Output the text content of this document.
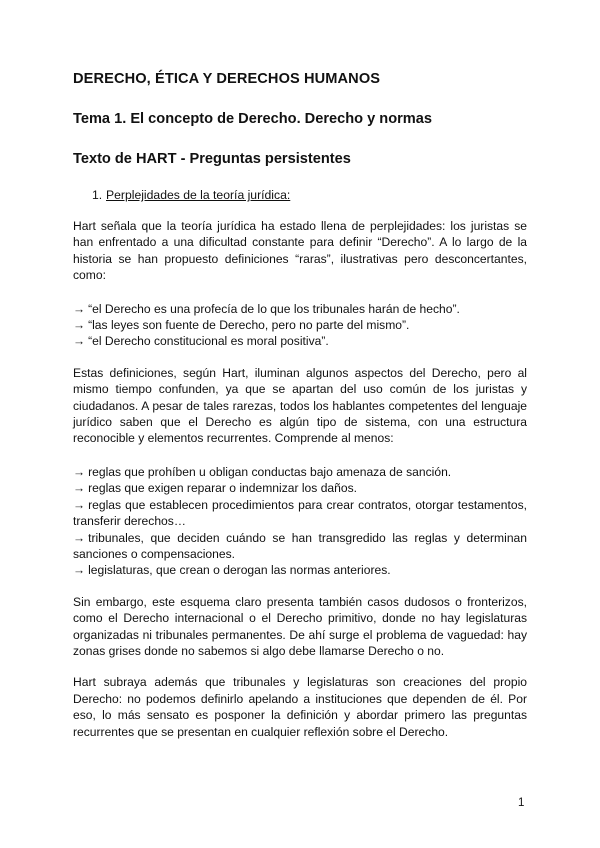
DERECHO, ÉTICA Y DERECHOS HUMANOS
Tema 1. El concepto de Derecho. Derecho y normas
Texto de HART - Preguntas persistentes
1. Perplejidades de la teoría jurídica:

Hart señala que la teoría jurídica ha estado llena de perplejidades: los juristas se han enfrentado a una dificultad constante para definir “Derecho”. A lo largo de la historia se han propuesto definiciones “raras”, ilustrativas pero desconcertantes, como:

→ “el Derecho es una profecía de lo que los tribunales harán de hecho”.
→ “las leyes son fuente de Derecho, pero no parte del mismo”.
→ “el Derecho constitucional es moral positiva”.

Estas definiciones, según Hart, iluminan algunos aspectos del Derecho, pero al mismo tiempo confunden, ya que se apartan del uso común de los juristas y ciudadanos. A pesar de tales rarezas, todos los hablantes competentes del lenguaje jurídico saben que el Derecho es algún tipo de sistema, con una estructura reconocible y elementos recurrentes. Comprende al menos:

→ reglas que prohíben u obligan conductas bajo amenaza de sanción.
→ reglas que exigen reparar o indemnizar los daños.
→ reglas que establecen procedimientos para crear contratos, otorgar testamentos, transferir derechos…
→ tribunales, que deciden cuándo se han transgredido las reglas y determinan sanciones o compensaciones.
→ legislaturas, que crean o derogan las normas anteriores.

Sin embargo, este esquema claro presenta también casos dudosos o fronterizos, como el Derecho internacional o el Derecho primitivo, donde no hay legislaturas organizadas ni tribunales permanentes. De ahí surge el problema de vaguedad: hay zonas grises donde no sabemos si algo debe llamarse Derecho o no.

Hart subraya además que tribunales y legislaturas son creaciones del propio Derecho: no podemos definirlo apelando a instituciones que dependen de él. Por eso, lo más sensato es posponer la definición y abordar primero las preguntas recurrentes que se presentan en cualquier reflexión sobre el Derecho.

1
